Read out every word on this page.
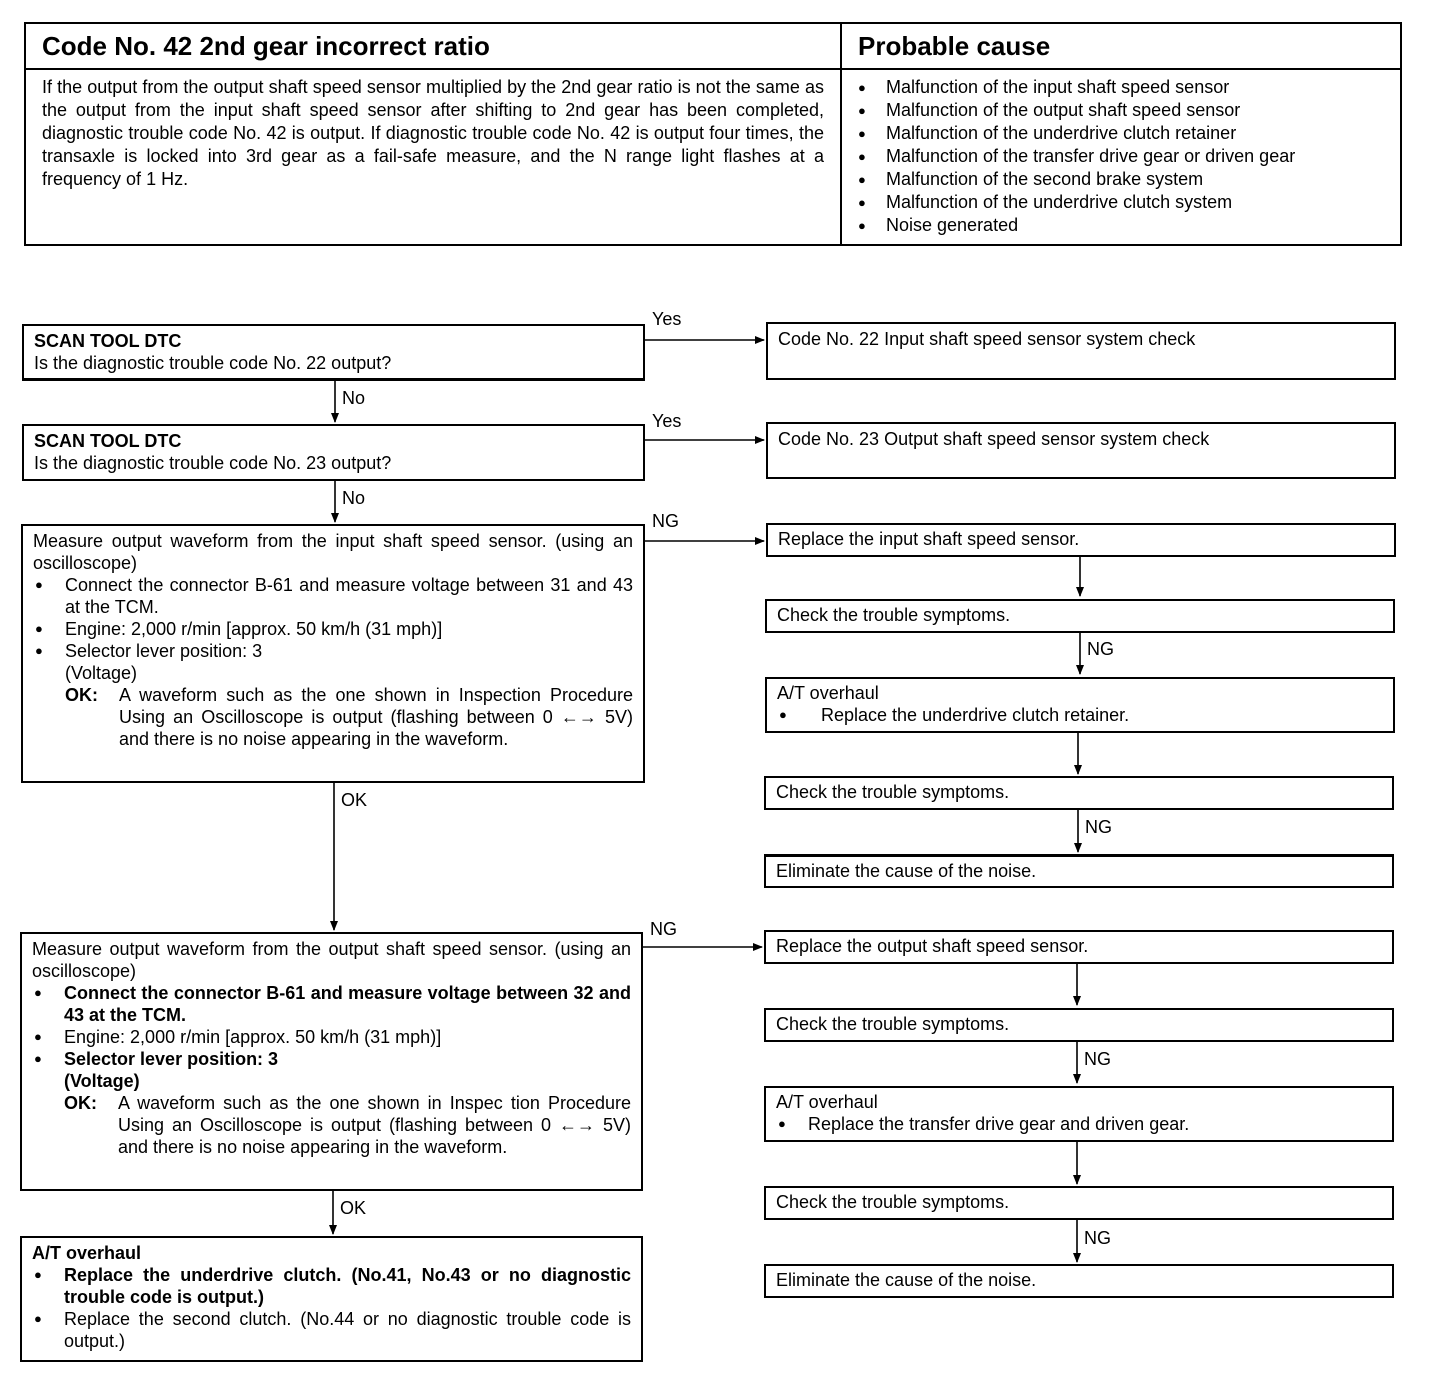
Code No. 42 2nd gear incorrect ratio
If the output from the output shaft speed sensor multiplied by the 2nd gear ratio is not the same as the output from the input shaft speed sensor after shifting to 2nd gear has been completed, diagnostic trouble code No. 42 is output. If diagnostic trouble code No. 42 is output four times, the transaxle is locked into 3rd gear as a fail-safe measure, and the N range light flashes at a frequency of 1 Hz.
Probable cause
● Malfunction of the input shaft speed sensor
● Malfunction of the output shaft speed sensor
● Malfunction of the underdrive clutch retainer
● Malfunction of the transfer drive gear or driven gear
● Malfunction of the second brake system
● Malfunction of the underdrive clutch system
● Noise generated
Yes
No
Yes
No
NG
OK
NG
OK
NG
NG
NG
NG
SCAN TOOL DTC
Is the diagnostic trouble code No. 22 output?
SCAN TOOL DTC
Is the diagnostic trouble code No. 23 output?
Measure output waveform from the input shaft speed sensor. (using an oscilloscope)
● Connect the connector B-61 and measure voltage between 31 and 43 at the TCM.
● Engine: 2,000 r/min [approx. 50 km/h (31 mph)]
● Selector lever position: 3
(Voltage)
OK:	A waveform such as the one shown in Inspection Procedure Using an Oscilloscope is output (flashing between 0 ←→ 5V) and there is no noise appearing in the waveform.
Measure output waveform from the output shaft speed sensor. (using an oscilloscope)
● Connect the connector B-61 and measure voltage between 32 and 43 at the TCM.
● Engine: 2,000 r/min [approx. 50 km/h (31 mph)]
● Selector lever position: 3
(Voltage)
OK:	A waveform such as the one shown in Inspec tion Procedure Using an Oscilloscope is output (flashing between 0 ←→ 5V) and there is no noise appearing in the waveform.
A/T overhaul
● Replace the underdrive clutch. (No.41, No.43 or no diagnostic trouble code is output.)
● Replace the second clutch. (No.44 or no diagnostic trouble code is output.)
Code No. 22 Input shaft speed sensor system check
Code No. 23 Output shaft speed sensor system check
Replace the input shaft speed sensor.
Check the trouble symptoms.
A/T overhaul
● Replace the underdrive clutch retainer.
Check the trouble symptoms.
Eliminate the cause of the noise.
Replace the output shaft speed sensor.
Check the trouble symptoms.
A/T overhaul
● Replace the transfer drive gear and driven gear.
Check the trouble symptoms.
Eliminate the cause of the noise.
